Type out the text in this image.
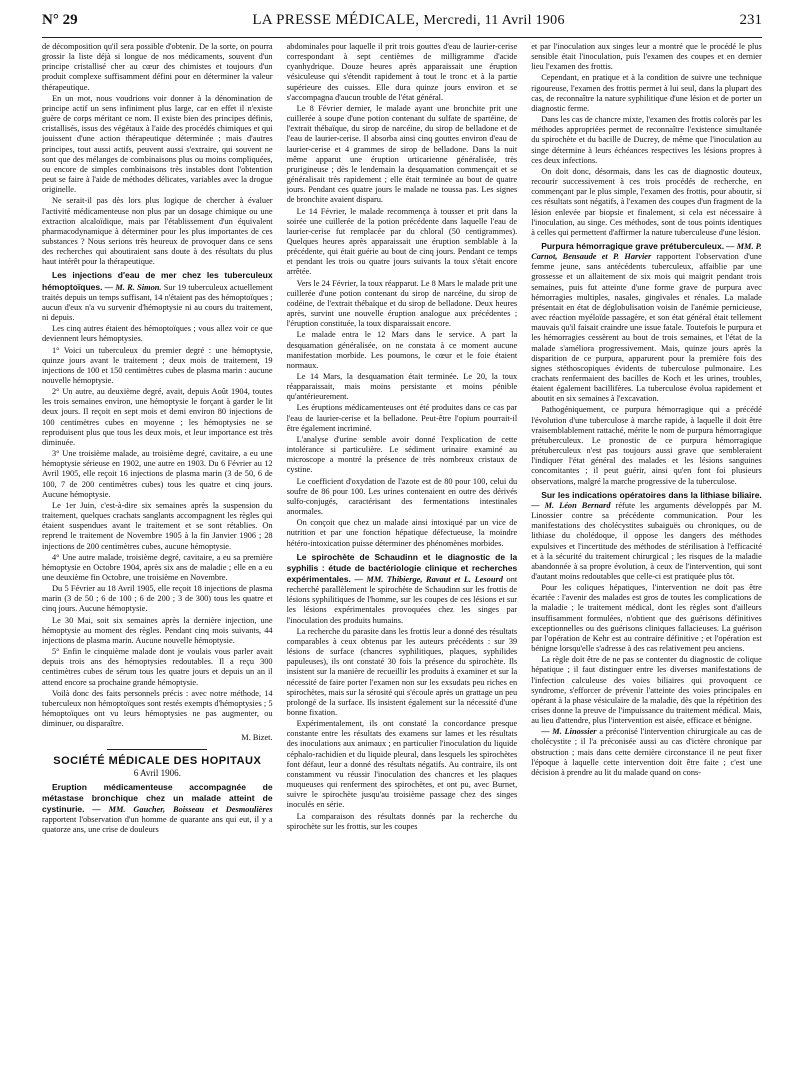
N° 29	LA PRESSE MÉDICALE, Mercredi, 11 Avril 1906	231

de décomposition qu'il sera possible d'obtenir. De la sorte, on pourra grossir la liste déjà si longue de nos médicaments, souvent d'un principe cristallisé cher au cœur des chimistes et toujours d'un produit complexe suffisamment défini pour en déterminer la valeur thérapeutique.

En un mot, nous voudrions voir donner à la dénomination de principe actif un sens infiniment plus large, car en effet il n'existe guère de corps méritant ce nom. Il existe bien des principes définis, cristallisés, issus des végétaux à l'aide des procédés chimiques et qui jouissent d'une action thérapeutique déterminée ; mais d'autres principes, tout aussi actifs, peuvent aussi s'extraire, qui souvent ne sont que des mélanges de combinaisons plus ou moins compliquées, ou encore de simples combinaisons très instables dont l'obtention peut se faire à l'aide de méthodes délicates, variables avec la drogue originelle.

Ne serait-il pas dès lors plus logique de chercher à évaluer l'activité médicamenteuse non plus par un dosage chimique ou une extraction alcaloïdique, mais par l'établissement d'un équivalent pharmacodynamique à déterminer pour les plus importantes de ces substances ? Nous serions très heureux de provoquer dans ce sens des recherches qui aboutiraient sans doute à des résultats du plus haut intérêt pour la thérapeutique.

Les injections d'eau de mer chez les tuberculeux hémoptoïques. — M. R. Simon. Sur 19 tuberculeux actuellement traités depuis un temps suffisant, 14 n'étaient pas des hémoptoïques ; aucun d'eux n'a vu survenir d'hémoptysie ni au cours du traitement, ni depuis.

Les cinq autres étaient des hémoptoïques ; vous allez voir ce que deviennent leurs hémoptysies.

1° Voici un tuberculeux du premier degré : une hémoptysie, quinze jours avant le traitement ; deux mois de traitement, 19 injections de 100 et 150 centimètres cubes de plasma marin : aucune nouvelle hémoptysie.

2° Un autre, au deuxième degré, avait, depuis Août 1904, toutes les trois semaines environ, une hémoptysie le forçant à garder le lit deux jours. Il reçoit en sept mois et demi environ 80 injections de 100 centimètres cubes en moyenne ; les hémoptysies ne se reproduisent plus que tous les deux mois, et leur importance est très diminuée.

3° Une troisième malade, au troisième degré, cavitaire, a eu une hémoptysie sérieuse en 1902, une autre en 1903. Du 6 Février au 12 Avril 1905, elle reçoit 16 injections de plasma marin (3 de 50, 6 de 100, 7 de 200 centimètres cubes) tous les quatre et cinq jours. Aucune hémoptysie.

Le 1er Juin, c'est-à-dire six semaines après la suspension du traitement, quelques crachats sanglants accompagnent les règles qui étaient suspendues avant le traitement et se sont rétablies. On reprend le traitement de Novembre 1905 à la fin Janvier 1906 ; 28 injections de 200 centimètres cubes, aucune hémoptysie.

4° Une autre malade, troisième degré, cavitaire, a eu sa première hémoptysie en Octobre 1904, après six ans de maladie ; elle en a eu une deuxième fin Octobre, une troisième en Novembre.

Du 5 Février au 18 Avril 1905, elle reçoit 18 injections de plasma marin (3 de 50 ; 6 de 100 ; 6 de 200 ; 3 de 300) tous les quatre et cinq jours. Aucune hémoptysie.

Le 30 Mai, soit six semaines après la dernière injection, une hémoptysie au moment des règles. Pendant cinq mois suivants, 44 injections de plasma marin. Aucune nouvelle hémoptysie.

5° Enfin le cinquième malade dont je voulais vous parler avait depuis trois ans des hémoptysies redoutables. Il a reçu 300 centimètres cubes de sérum tous les quatre jours et depuis un an il attend encore sa prochaine grande hémoptysie.

Voilà donc des faits personnels précis : avec notre méthode, 14 tuberculeux non hémoptoïques sont restés exempts d'hémoptysies ; 5 hémoptoïques ont vu leurs hémoptysies ne pas augmenter, ou diminuer, ou disparaître.

M. Bizet.

SOCIÉTÉ MÉDICALE DES HOPITAUX
6 Avril 1906.

Eruption médicamenteuse accompagnée de métastase bronchique chez un malade atteint de cystinurie. — MM. Gaucher, Boisseau et Desmoulières rapportent l'observation d'un homme de quarante ans qui eut, il y a quatorze ans, une crise de douleurs

abdominales pour laquelle il prit trois gouttes d'eau de laurier-cerise correspondant à sept centièmes de milligramme d'acide cyanhydrique. Douze heures après apparaissait une éruption vésiculeuse qui s'étendit rapidement à tout le tronc et à la partie supérieure des cuisses. Elle dura quinze jours environ et se s'accompagna d'aucun trouble de l'état général.

Le 8 Février dernier, le malade ayant une bronchite prit une cuillerée à soupe d'une potion contenant du sulfate de spartéine, de l'extrait thébaïque, du sirop de narcéine, du sirop de belladone et de l'eau de laurier-cerise. Il absorba ainsi cinq gouttes environ d'eau de laurier-cerise et 4 grammes de sirop de belladone. Dans la nuit même apparut une éruption urticarienne généralisée, très prurigineuse ; dès le lendemain la desquamation commençait et se généralisait très rapidement ; elle était terminée au bout de quatre jours. Pendant ces quatre jours le malade ne toussa pas. Les signes de bronchite avaient disparu.

Le 14 Février, le malade recommença à tousser et prit dans la soirée une cuillerée de la potion précédente dans laquelle l'eau de laurier-cerise fut remplacée par du chloral (50 centigrammes). Quelques heures après apparaissait une éruption semblable à la précédente, qui était guérie au bout de cinq jours. Pendant ce temps et pendant les trois ou quatre jours suivants la toux s'était encore arrêtée.

Vers le 24 Février, la toux réapparut. Le 8 Mars le malade prit une cuillerée d'une potion contenant du sirop de narcéine, du sirop de codéine, de l'extrait thébaïque et du sirop de belladone. Deux heures après, survint une nouvelle éruption analogue aux précédentes ; l'éruption constituée, la toux disparaissait encore.

Le malade entra le 12 Mars dans le service. A part la desquamation généralisée, on ne constata à ce moment aucune manifestation morbide. Les poumons, le cœur et le foie étaient normaux.

Le 14 Mars, la desquamation était terminée. Le 20, la toux réapparaissait, mais moins persistante et moins pénible qu'antérieurement.

Les éruptions médicamenteuses ont été produites dans ce cas par l'eau de laurier-cerise et la belladone. Peut-être l'opium pourrait-il être également incriminé.

L'analyse d'urine semble avoir donné l'explication de cette intolérance si particulière. Le sédiment urinaire examiné au microscope a montré la présence de très nombreux cristaux de cystine.

Le coefficient d'oxydation de l'azote est de 80 pour 100, celui du soufre de 86 pour 100. Les urines contenaient en outre des dérivés sulfo-conjugés, caractérisant des fermentations intestinales anormales.

On conçoit que chez un malade ainsi intoxiqué par un vice de nutrition et par une fonction hépatique défectueuse, la moindre hétéro-intoxication puisse déterminer des phénomènes morbides.

Le spirochète de Schaudinn et le diagnostic de la syphilis : étude de bactériologie clinique et recherches expérimentales. — MM. Thibierge, Ravaut et L. Lesourd ont recherché parallèlement le spirochète de Schaudinn sur les frottis de lésions syphilitiques de l'homme, sur les coupes de ces lésions et sur les lésions expérimentales provoquées chez les singes par l'inoculation des produits humains.

La recherche du parasite dans les frottis leur a donné des résultats comparables à ceux obtenus par les auteurs précédents : sur 39 lésions de surface (chancres syphilitiques, plaques, syphilides papuleuses), ils ont constaté 30 fois la présence du spirochète. Ils insistent sur la manière de recueillir les produits à examiner et sur la nécessité de faire porter l'examen non sur les exsudats peu riches en spirochètes, mais sur la sérosité qui s'écoule après un grattage un peu prolongé de la surface. Ils insistent également sur la nécessité d'une bonne fixation.

Expérimentalement, ils ont constaté la concordance presque constante entre les résultats des examens sur lames et les résultats des inoculations aux animaux ; en particulier l'inoculation du liquide céphalo-rachidien et du liquide pleural, dans lesquels les spirochètes font défaut, leur a donné des résultats négatifs. Au contraire, ils ont constamment vu réussir l'inoculation des chancres et les plaques muqueuses qui renferment des spirochètes, et ont pu, avec Burnet, suivre le spirochète jusqu'au troisième passage chez des singes inoculés en série.

La comparaison des résultats donnés par la recherche du spirochète sur les frottis, sur les coupes

et par l'inoculation aux singes leur a montré que le procédé le plus sensible était l'inoculation, puis l'examen des coupes et en dernier lieu l'examen des frottis.

Cependant, en pratique et à la condition de suivre une technique rigoureuse, l'examen des frottis permet à lui seul, dans la plupart des cas, de reconnaître la nature syphilitique d'une lésion et de porter un diagnostic ferme.

Dans les cas de chancre mixte, l'examen des frottis colorés par les méthodes appropriées permet de reconnaître l'existence simultanée du spirochète et du bacille de Ducrey, de même que l'inoculation au singe détermine à leurs échéances respectives les lésions propres à ces deux infections.

On doit donc, désormais, dans les cas de diagnostic douteux, recourir successivement à ces trois procédés de recherche, en commençant par le plus simple, l'examen des frottis, pour aboutir, si ces résultats sont négatifs, à l'examen des coupes d'un fragment de la lésion enlevée par biopsie et finalement, si cela est nécessaire à l'inoculation, au singe. Ces méthodes, sont de tous points identiques à celles qui permettent d'affirmer la nature tuberculeuse d'une lésion.

Purpura hémorragique grave prétuberculeux. — MM. P. Carnot, Bensaude et P. Harvier rapportent l'observation d'une femme jeune, sans antécédents tuberculeux, affaiblie par une grossesse et un allaitement de six mois qui maigrit pendant trois semaines, puis fut atteinte d'une forme grave de purpura avec hémorragies multiples, nasales, gingivales et rénales. La malade présentait en état de déglobulisation voisin de l'anémie pernicieuse, avec réaction myéloïde passagère, et son état général était tellement mauvais qu'il faisait craindre une issue fatale. Toutefois le purpura et les hémorragies cessèrent au bout de trois semaines, et l'état de la malade s'améliora progressivement. Mais, quinze jours après la disparition de ce purpura, apparurent pour la première fois des signes stéthoscopiques évidents de tuberculose pulmonaire. Les crachats renfermaient des bacilles de Koch et les urines, troubles, étaient également bacillifères. La tuberculose évolua rapidement et aboutit en six semaines à l'excavation.

Pathogéniquement, ce purpura hémorragique qui a précédé l'évolution d'une tuberculose à marche rapide, à laquelle il doit être vraisemblablement rattaché, mérite le nom de purpura hémorragique prétuberculeux. Le pronostic de ce purpura hémorragique prétuberculeux n'est pas toujours aussi grave que sembleraient l'indiquer l'état général des malades et les lésions sanguines concomitantes ; il peut guérir, ainsi qu'en font foi plusieurs observations, malgré la marche progressive de la tuberculose.

Sur les indications opératoires dans la lithiase biliaire. — M. Léon Bernard réfute les arguments développés par M. Linossier contre sa précédente communication. Pour les manifestations des cholécystites subaiguës ou chroniques, ou de lithiase du cholédoque, il oppose les dangers des méthodes expulsives et l'incertitude des méthodes de stérilisation à l'efficacité et à la sécurité du traitement chirurgical ; les risques de la maladie abandonnée à sa propre évolution, à ceux de l'intervention, qui sont d'autant moins redoutables que celle-ci est pratiquée plus tôt.

Pour les coliques hépatiques, l'intervention ne doit pas être écartée : l'avenir des malades est gros de toutes les complications de la maladie ; le traitement médical, dont les règles sont d'ailleurs insuffisamment formulées, n'obtient que des guérisons définitives exceptionnelles ou des guérisons cliniques fallacieuses. La guérison par l'opération de Kehr est au contraire définitive ; et l'opération est bénigne lorsqu'elle s'adresse à des cas relativement peu anciens.

La règle doit être de ne pas se contenter du diagnostic de colique hépatique ; il faut distinguer entre les diverses manifestations de l'infection calculeuse des voies biliaires qui provoquent ce syndrome, s'efforcer de prévenir l'atteinte des voies principales en opérant à la phase vésiculaire de la maladie, dès que la répétition des crises donne la preuve de l'impuissance du traitement médical. Mais, au lieu d'attendre, plus l'intervention est aisée, efficace et bénigne.

— M. Linossier a préconisé l'intervention chirurgicale au cas de cholécystite ; il l'a préconisée aussi au cas d'ictère chronique par obstruction ; mais dans cette dernière circonstance il ne peut fixer l'époque à laquelle cette intervention doit être faite ; c'est une décision à prendre au lit du malade quand on cons-
